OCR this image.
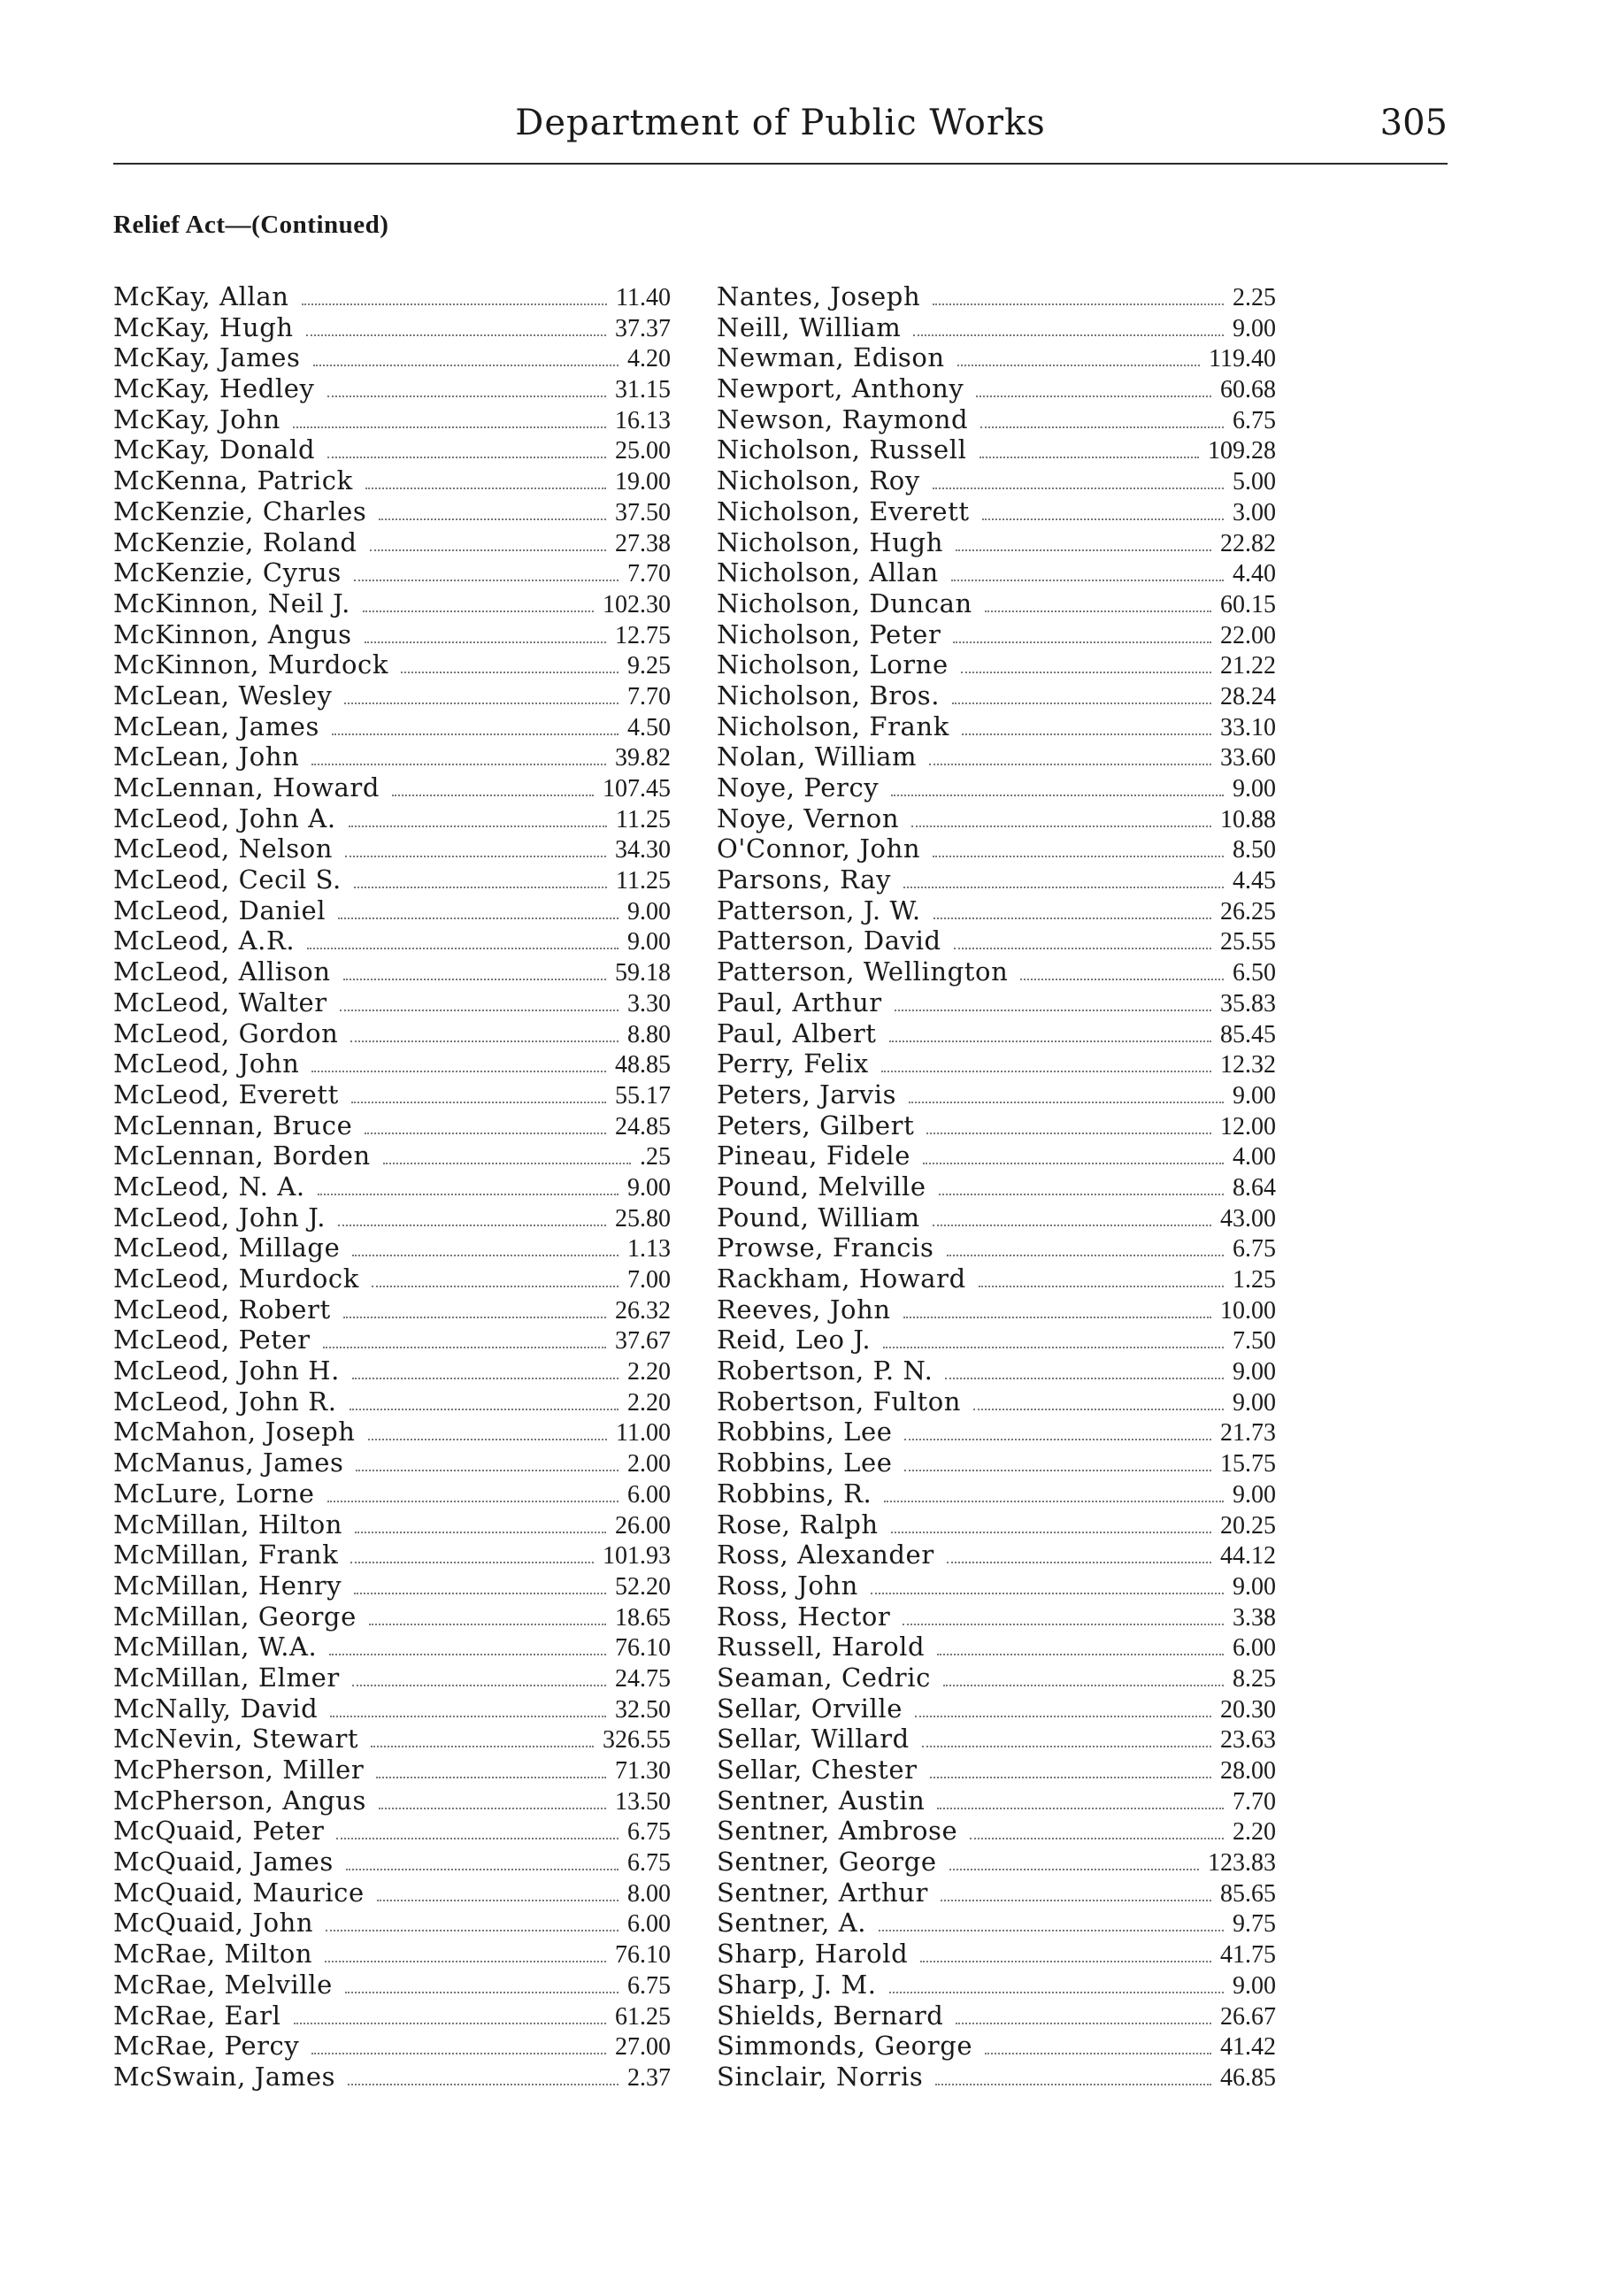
Department of Public Works	305
Relief Act—(Continued)
McKay, Allan	11.40
McKay, Hugh	37.37
McKay, James	4.20
McKay, Hedley	31.15
McKay, John	16.13
McKay, Donald	25.00
McKenna, Patrick	19.00
McKenzie, Charles	37.50
McKenzie, Roland	27.38
McKenzie, Cyrus	7.70
McKinnon, Neil J.	102.30
McKinnon, Angus	12.75
McKinnon, Murdock	9.25
McLean, Wesley	7.70
McLean, James	4.50
McLean, John	39.82
McLennan, Howard	107.45
McLeod, John A.	11.25
McLeod, Nelson	34.30
McLeod, Cecil S.	11.25
McLeod, Daniel	9.00
McLeod, A.R.	9.00
McLeod, Allison	59.18
McLeod, Walter	3.30
McLeod, Gordon	8.80
McLeod, John	48.85
McLeod, Everett	55.17
McLennan, Bruce	24.85
McLennan, Borden	.25
McLeod, N. A.	9.00
McLeod, John J.	25.80
McLeod, Millage	1.13
McLeod, Murdock	7.00
McLeod, Robert	26.32
McLeod, Peter	37.67
McLeod, John H.	2.20
McLeod, John R.	2.20
McMahon, Joseph	11.00
McManus, James	2.00
McLure, Lorne	6.00
McMillan, Hilton	26.00
McMillan, Frank	101.93
McMillan, Henry	52.20
McMillan, George	18.65
McMillan, W.A.	76.10
McMillan, Elmer	24.75
McNally, David	32.50
McNevin, Stewart	326.55
McPherson, Miller	71.30
McPherson, Angus	13.50
McQuaid, Peter	6.75
McQuaid, James	6.75
McQuaid, Maurice	8.00
McQuaid, John	6.00
McRae, Milton	76.10
McRae, Melville	6.75
McRae, Earl	61.25
McRae, Percy	27.00
McSwain, James	2.37
Nantes, Joseph	2.25
Neill, William	9.00
Newman, Edison	119.40
Newport, Anthony	60.68
Newson, Raymond	6.75
Nicholson, Russell	109.28
Nicholson, Roy	5.00
Nicholson, Everett	3.00
Nicholson, Hugh	22.82
Nicholson, Allan	4.40
Nicholson, Duncan	60.15
Nicholson, Peter	22.00
Nicholson, Lorne	21.22
Nicholson, Bros.	28.24
Nicholson, Frank	33.10
Nolan, William	33.60
Noye, Percy	9.00
Noye, Vernon	10.88
O'Connor, John	8.50
Parsons, Ray	4.45
Patterson, J. W.	26.25
Patterson, David	25.55
Patterson, Wellington	6.50
Paul, Arthur	35.83
Paul, Albert	85.45
Perry, Felix	12.32
Peters, Jarvis	9.00
Peters, Gilbert	12.00
Pineau, Fidele	4.00
Pound, Melville	8.64
Pound, William	43.00
Prowse, Francis	6.75
Rackham, Howard	1.25
Reeves, John	10.00
Reid, Leo J.	7.50
Robertson, P. N.	9.00
Robertson, Fulton	9.00
Robbins, Lee	21.73
Robbins, Lee	15.75
Robbins, R.	9.00
Rose, Ralph	20.25
Ross, Alexander	44.12
Ross, John	9.00
Ross, Hector	3.38
Russell, Harold	6.00
Seaman, Cedric	8.25
Sellar, Orville	20.30
Sellar, Willard	23.63
Sellar, Chester	28.00
Sentner, Austin	7.70
Sentner, Ambrose	2.20
Sentner, George	123.83
Sentner, Arthur	85.65
Sentner, A.	9.75
Sharp, Harold	41.75
Sharp, J. M.	9.00
Shields, Bernard	26.67
Simmonds, George	41.42
Sinclair, Norris	46.85
